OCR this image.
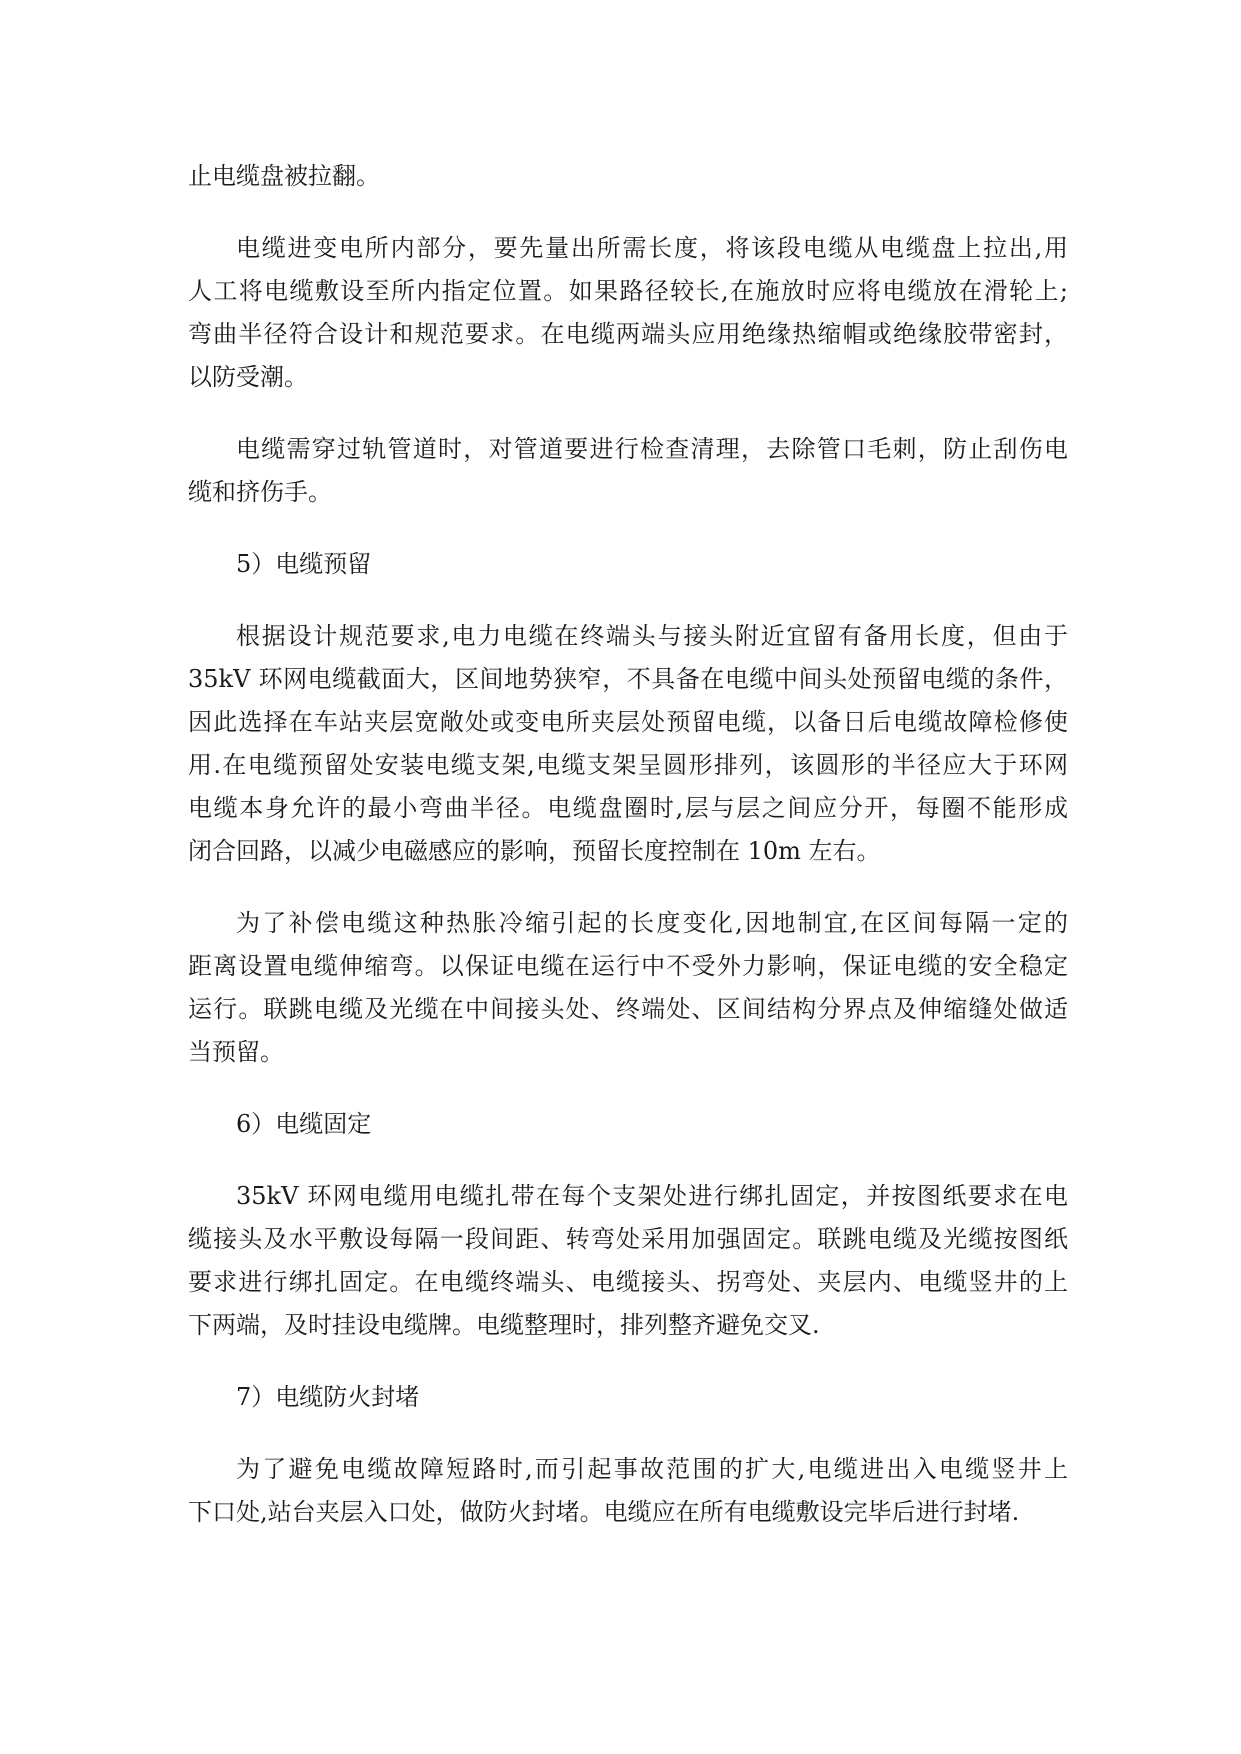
止电缆盘被拉翻。
电缆进变电所内部分，要先量出所需长度，将该段电缆从电缆盘上拉出,用
人工将电缆敷设至所内指定位置。如果路径较长,在施放时应将电缆放在滑轮上;
弯曲半径符合设计和规范要求。在电缆两端头应用绝缘热缩帽或绝缘胶带密封，
以防受潮。
电缆需穿过轨管道时，对管道要进行检查清理，去除管口毛刺，防止刮伤电
缆和挤伤手。
5）电缆预留
根据设计规范要求,电力电缆在终端头与接头附近宜留有备用长度，但由于
35kV 环网电缆截面大，区间地势狭窄，不具备在电缆中间头处预留电缆的条件，
因此选择在车站夹层宽敞处或变电所夹层处预留电缆，以备日后电缆故障检修使
用.在电缆预留处安装电缆支架,电缆支架呈圆形排列，该圆形的半径应大于环网
电缆本身允许的最小弯曲半径。电缆盘圈时,层与层之间应分开，每圈不能形成
闭合回路，以减少电磁感应的影响，预留长度控制在 10m 左右。
为了补偿电缆这种热胀冷缩引起的长度变化,因地制宜,在区间每隔一定的
距离设置电缆伸缩弯。以保证电缆在运行中不受外力影响，保证电缆的安全稳定
运行。联跳电缆及光缆在中间接头处、终端处、区间结构分界点及伸缩缝处做适
当预留。
6）电缆固定
35kV 环网电缆用电缆扎带在每个支架处进行绑扎固定，并按图纸要求在电
缆接头及水平敷设每隔一段间距、转弯处采用加强固定。联跳电缆及光缆按图纸
要求进行绑扎固定。在电缆终端头、电缆接头、拐弯处、夹层内、电缆竖井的上
下两端，及时挂设电缆牌。电缆整理时，排列整齐避免交叉.
7）电缆防火封堵
为了避免电缆故障短路时,而引起事故范围的扩大,电缆进出入电缆竖井上
下口处,站台夹层入口处，做防火封堵。电缆应在所有电缆敷设完毕后进行封堵.
